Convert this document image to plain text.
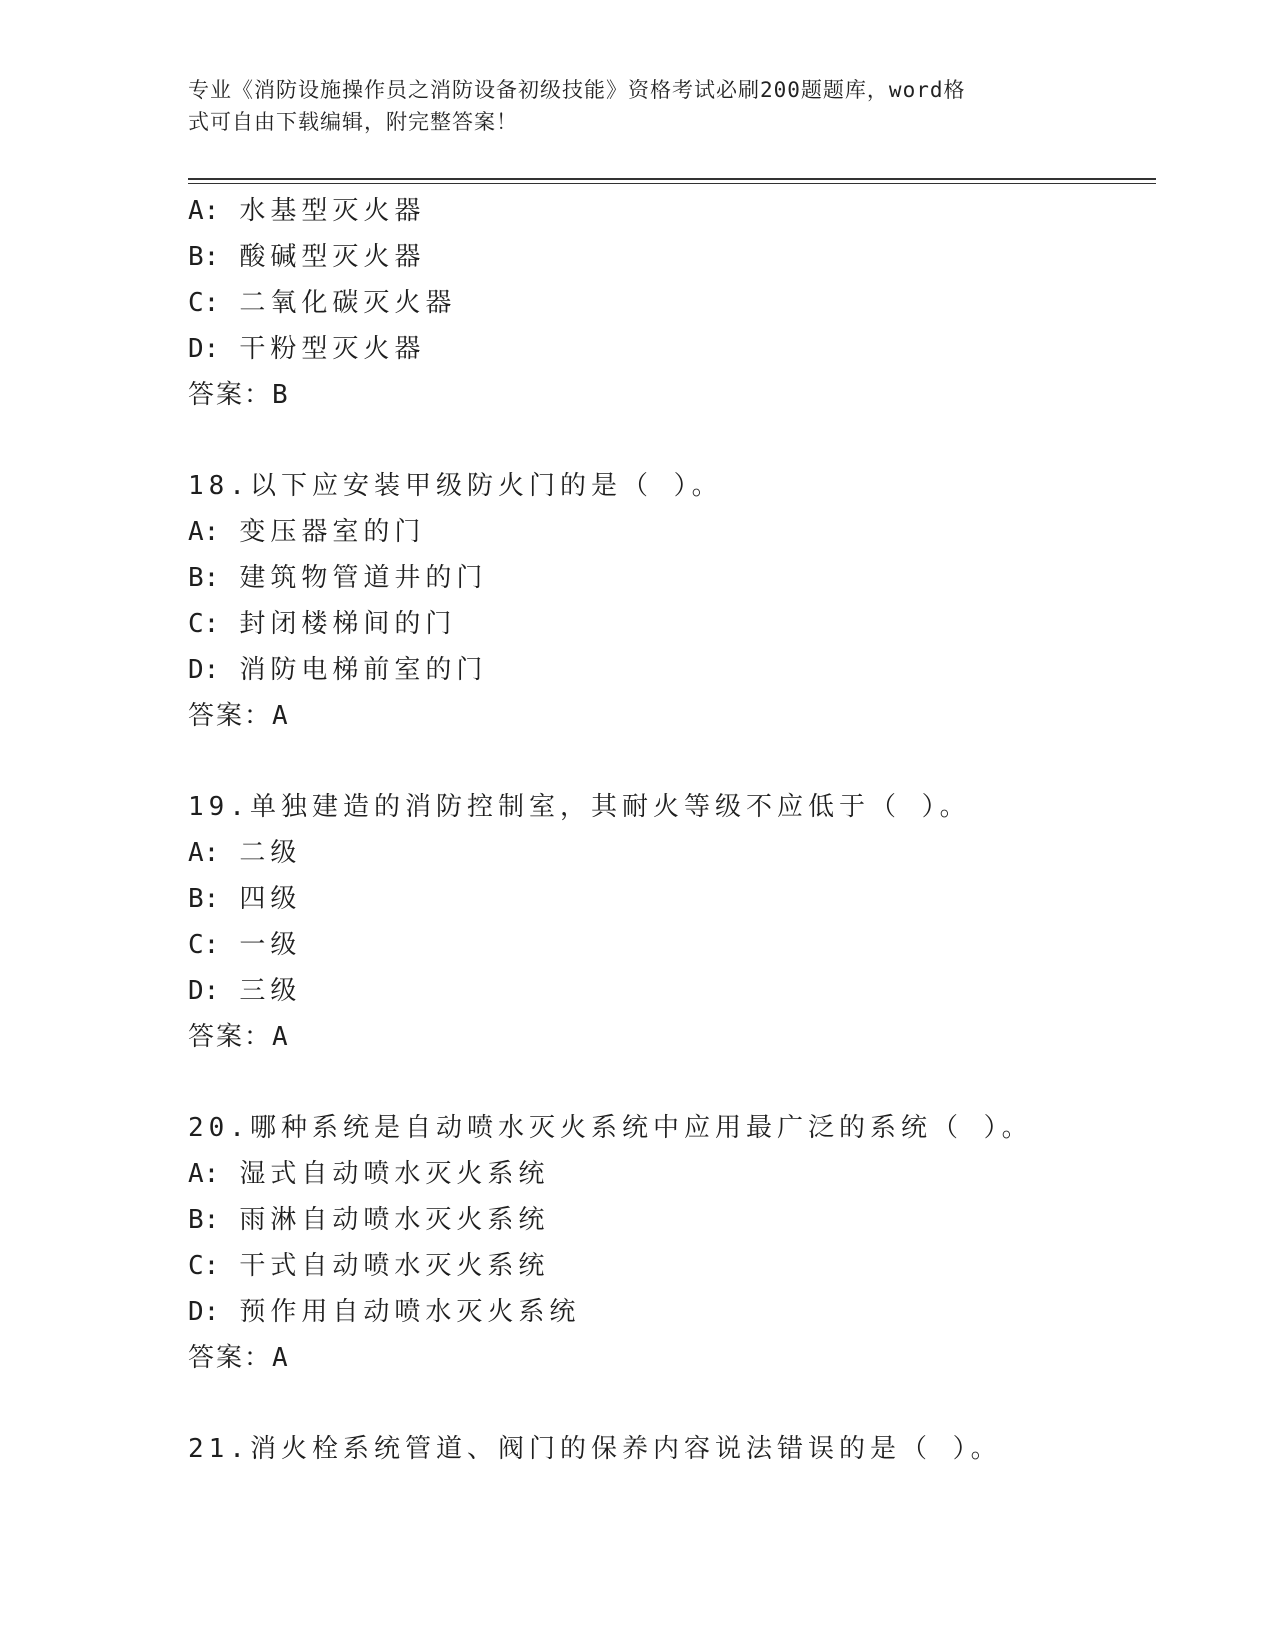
专业《消防设施操作员之消防设备初级技能》资格考试必刷200题题库，word格
式可自由下载编辑，附完整答案！
A: 水基型灭火器
B: 酸碱型灭火器
C: 二氧化碳灭火器
D: 干粉型灭火器
答案：B
18.以下应安装甲级防火门的是（ ）。
A: 变压器室的门
B: 建筑物管道井的门
C: 封闭楼梯间的门
D: 消防电梯前室的门
答案：A
19.单独建造的消防控制室，其耐火等级不应低于（ ）。
A: 二级
B: 四级
C: 一级
D: 三级
答案：A
20.哪种系统是自动喷水灭火系统中应用最广泛的系统（ ）。
A: 湿式自动喷水灭火系统
B: 雨淋自动喷水灭火系统
C: 干式自动喷水灭火系统
D: 预作用自动喷水灭火系统
答案：A
21.消火栓系统管道、阀门的保养内容说法错误的是（ ）。
